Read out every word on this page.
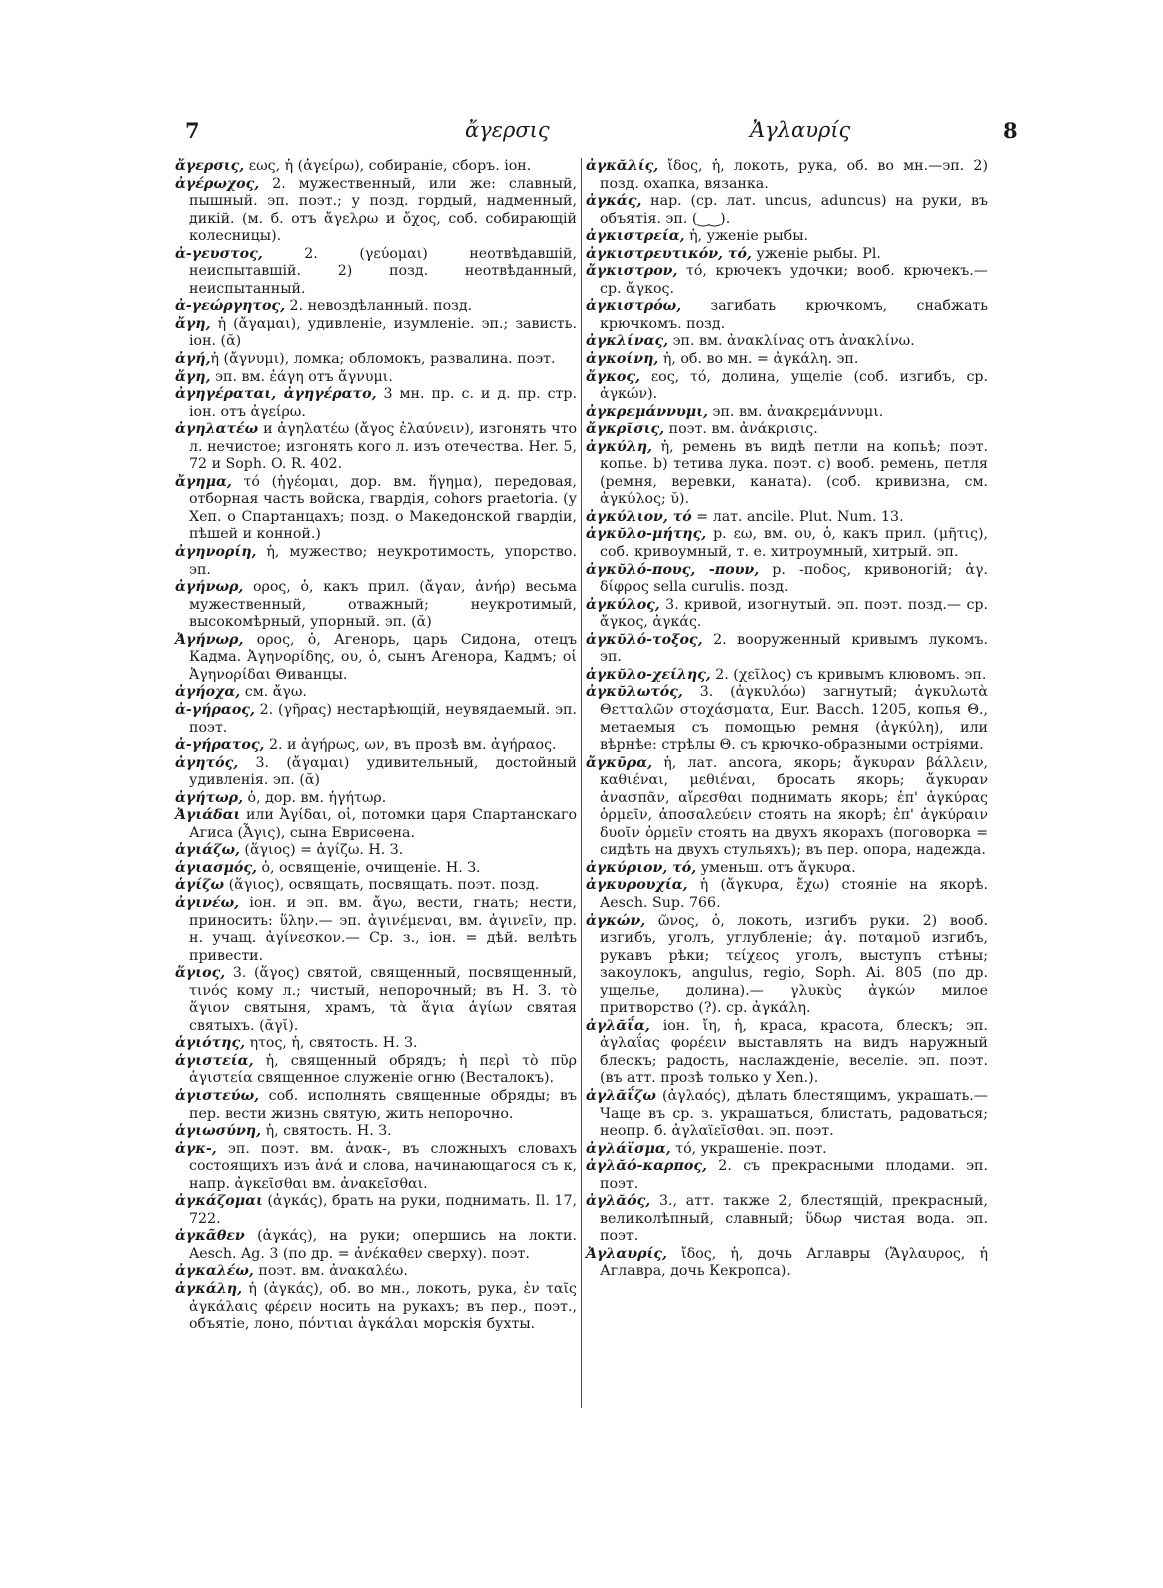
7	ἄγερσις	Ἀγλαυρίς	8

ἄγερσις, εως, ἡ (ἀγείρω), собираніе, сборъ. іон.

ἀγέρωχος, 2. мужественный, или же: славный, пышный. эп. поэт.; у позд. гордый, надменный, дикій. (м. б. отъ ἄγελρω и ὄχος, соб. собирающій колесницы).

ἀ-γευστος, 2. (γεύομαι) неотвѣдавшій, неиспытавшій. 2) позд. неотвѣданный, неиспытанный.

ἀ-γεώργητος, 2. невоздѣланный. позд.

ἄγη, ἡ (ἄγαμαι), удивленіе, изумленіе. эп.; зависть. іон. (ᾰ)

ἀγή,ἡ (ἄγνυμι), ломка; обломокъ, развалина. поэт.

ἄγη, эп. вм. ἐάγη отъ ἄγνυμι.

ἀγηγέραται, ἀγηγέρατο, 3 мн. пр. с. и д. пр. стр. іон. отъ ἀγείρω.

ἀγηλατέω и ἀγηλατέω (ἄγος ἐλαύνειν), изгонять что л. нечистое; изгонять кого л. изъ отечества. Her. 5, 72 и Soph. O. R. 402.

ἄγημα, τό (ἡγέομαι, дор. вм. ἥγημα), передовая, отборная часть войска, гвардія, cohors praetoria. (у Хеп. о Спартанцахъ; позд. о Македонской гвардіи, пѣшей и конной.)

ἀγηνορίη, ἡ, мужество; неукротимость, упорство. эп.

ἀγήνωρ, ορος, ὁ, какъ прил. (ἄγαν, ἀνήρ) весьма мужественный, отважный; неукротимый, высокомѣрный, упорный. эп. (ᾰ)

Ἀγήνωρ, ορος, ὁ, Агенорь, царь Сидона, отецъ Кадма. Ἀγηνορίδης, ου, ὁ, сынъ Агенора, Кадмъ; οἱ Ἀγηνορίδαι Θиванцы.

ἀγήοχα, см. ἄγω.

ἀ-γήραος, 2. (γῆρας) нестарѣющій, неувядаемый. эп. поэт.

ἀ-γήρατος, 2. и ἀγήρως, ων, въ прозѣ вм. ἀγήραος.

ἀγητός, 3. (ἄγαμαι) удивительный, достойный удивленія. эп. (ᾰ)

ἀγήτωρ, ὁ, дор. вм. ἡγήτωρ.

Ἀγιάδαι или Ἀγίδαι, οἱ, потомки царя Спартанскаго Агиса (Ἆγις), сына Еврисѳена.

ἁγιάζω, (ἅγιος) = ἁγίζω. Н. З.

ἁγιασμός, ὁ, освященіе, очищеніе. Н. З.

ἁγίζω (ἅγιος), освящать, посвящать. поэт. позд.

ἀγινέω, іон. и эп. вм. ἄγω, вести, гнать; нести, приносить: ὕλην.— эп. ἀγινέμεναι, вм. ἀγινεῖν, пр. н. учащ. ἀγίνεσκον.— Ср. з., іон. = дѣй. велѣть привести.

ἅγιος, 3. (ἅγος) святой, священный, посвященный, τινός кому л.; чистый, непорочный; въ Н. З. τὸ ἅγιον святыня, храмъ, τὰ ἅγια ἁγίων святая святыхъ. (ᾰγῐ).

ἁγιότης, ητος, ἡ, святость. Н. З.

ἁγιστεία, ἡ, священный обрядъ; ἡ περὶ τὸ πῦρ ἁγιστεία священное служеніе огню (Весталокъ).

ἁγιστεύω, соб. исполнять священные обряды; въ пер. вести жизнь святую, жить непорочно.

ἁγιωσύνη, ἡ, святость. Н. З.

ἀγκ-, эп. поэт. вм. ἀνακ-, въ сложныхъ словахъ состоящихъ изъ ἀνά и слова, начинающагося съ κ, напр. ἀγκεῖσθαι вм. ἀνακεῖσθαι.

ἀγκάζομαι (ἀγκάς), брать на руки, поднимать. Il. 17, 722.

ἀγκᾶθεν (ἀγκάς), на руки; опершись на локти. Aesch. Ag. 3 (по др. = ἀνέκαθεν сверху). поэт.

ἀγκαλέω, поэт. вм. ἀνακαλέω.

ἀγκάλη, ἡ (ἀγκάς), об. во мн., локоть, рука, ἐν ταῖς ἀγκάλαις φέρειν носить на рукахъ; въ пер., поэт., объятіе, лоно, πόντιαι ἀγκάλαι морскія бухты.

ἀγκᾰλίς, ἴδος, ἡ, локоть, рука, об. во мн.—эп. 2) позд. охапка, вязанка.

ἀγκάς, нар. (ср. лат. uncus, aduncus) на руки, въ объятія. эп. (‿‿).

ἀγκιστρεία, ἡ, уженіе рыбы.

ἀγκιστρευτικόν, τό, уженіе рыбы. Pl.

ἄγκιστρον, τό, крючекъ удочки; вооб. крючекъ.— ср. ἄγκος.

ἀγκιστρόω, загибать крючкомъ, снабжать крючкомъ. позд.

ἀγκλίνας, эп. вм. ἀνακλίνας отъ ἀνακλίνω.

ἀγκοίνη, ἡ, об. во мн. = ἀγκάλη. эп.

ἄγκος, εος, τό, долина, ущеліе (соб. изгибъ, ср. ἀγκών).

ἀγκρεμάννυμι, эп. вм. ἀνακρεμάννυμι.

ἄγκρῐσις, поэт. вм. ἀνάκρισις.

ἀγκύλη, ἡ, ремень въ видѣ петли на копьѣ; поэт. копье. b) тетива лука. поэт. c) вооб. ремень, петля (ремня, веревки, каната). (соб. кривизна, см. ἀγκύλος; ῠ).

ἀγκύλιον, τό = лат. ancile. Plut. Num. 13.

ἀγκῠλο-μήτης, р. εω, вм. ου, ὁ, какъ прил. (μῆτις), соб. кривоумный, т. е. хитроумный, хитрый. эп.

ἀγκῠλό-πους, -πουν, р. -ποδος, кривоногій; ἀγ. δίφρος sella curulis. позд.

ἀγκύλος, 3. кривой, изогнутый. эп. поэт. позд.— ср. ἄγκος, ἀγκάς.

ἀγκῠλό-τοξος, 2. вооруженный кривымъ лукомъ. эп.

ἀγκῠλο-χείλης, 2. (χεῖλος) съ кривымъ клювомъ. эп.

ἀγκῠλωτός, 3. (ἀγκυλόω) загнутый; ἀγκυλωτὰ Θετταλῶν στοχάσματα, Eur. Bacch. 1205, копья Θ., метаемыя съ помощью ремня (ἀγκύλη), или вѣрнѣе: стрѣлы Θ. съ крючко-образными остріями.

ἄγκῡρα, ἡ, лат. ancora, якорь; ἄγκυραν βάλλειν, καθιέναι, μεθιέναι, бросать якорь; ἄγκυραν ἀνασπᾶν, αἴρεσθαι поднимать якорь; ἐπ' ἀγκύρας ὁρμεῖν, ἀποσαλεύειν стоять на якорѣ; ἐπ' ἀγκύραιν δυοῖν ὁρμεῖν стоять на двухъ якорахъ (поговорка = сидѣть на двухъ стульяхъ); въ пер. опора, надежда.

ἀγκύριον, τό, уменьш. отъ ἄγκυρα.

ἀγκυρουχία, ἡ (ἄγκυρα, ἔχω) стояніе на якорѣ. Aesch. Sup. 766.

ἀγκών, ῶνος, ὁ, локоть, изгибъ руки. 2) вооб. изгибъ, уголъ, углубленіе; ἀγ. ποταμοῦ изгибъ, рукавъ рѣки; τείχεος уголъ, выступъ стѣны; закоулокъ, angulus, regio, Soph. Ai. 805 (по др. ущелье, долина).— γλυκὺς ἀγκών милое притворство (?). ср. ἀγκάλη.

ἀγλᾰΐα, іон. ἴη, ἡ, краса, красота, блескъ; эп. ἀγλαΐας φορέειν выставлять на видъ наружный блескъ; радость, наслажденіе, веселіе. эп. поэт. (въ атт. прозѣ только у Xen.).

ἀγλᾰΐζω (ἀγλαός), дѣлать блестящимъ, украшать.—Чаще въ ср. з. украшаться, блистать, радоваться; неопр. б. ἀγλαϊεῖσθαι. эп. поэт.

ἀγλάϊσμα, τό, украшеніе. поэт.

ἀγλᾰό-καρπος, 2. съ прекрасными плодами. эп. поэт.

ἀγλᾰός, 3., атт. также 2, блестящій, прекрасный, великолѣпный, славный; ὕδωρ чистая вода. эп. поэт.

Ἀγλαυρίς, ἴδος, ἡ, дочь Аглавры (Ἄγλαυρος, ἡ Аглавра, дочь Кекропса).
